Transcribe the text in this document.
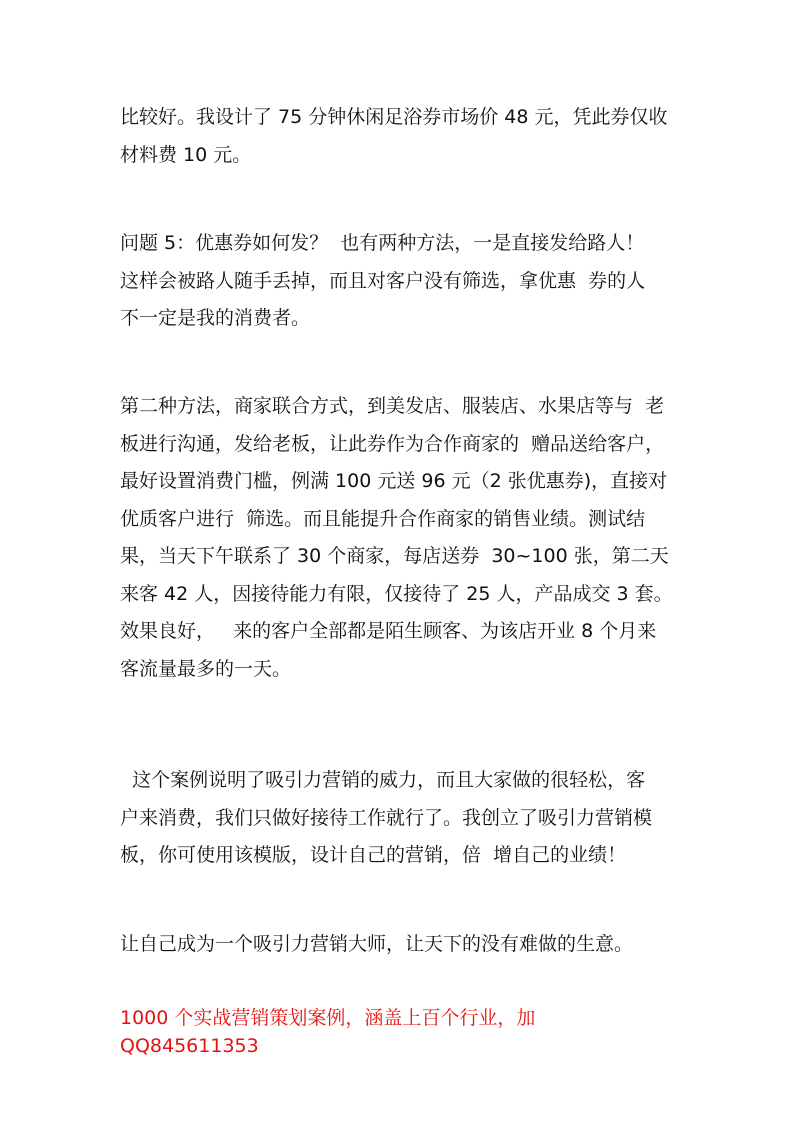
比较好。我设计了 75 分钟休闲足浴券市场价 48 元，凭此券仅收
材料费 10 元。
问题 5：优惠券如何发？  也有两种方法，一是直接发给路人！
这样会被路人随手丢掉，而且对客户没有筛选，拿优惠  券的人
不一定是我的消费者。
第二种方法，商家联合方式，到美发店、服装店、水果店等与  老
板进行沟通，发给老板，让此券作为合作商家的  赠品送给客户，
最好设置消费门槛，例满 100 元送 96 元（2 张优惠券)，直接对
优质客户进行  筛选。而且能提升合作商家的销售业绩。测试结
果，当天下午联系了 30 个商家，每店送券  30~100 张，第二天
来客 42 人，因接待能力有限，仅接待了 25 人，产品成交 3 套。
效果良好，   来的客户全部都是陌生顾客、为该店开业 8 个月来
客流量最多的一天。
这个案例说明了吸引力营销的威力，而且大家做的很轻松，客
户来消费，我们只做好接待工作就行了。我创立了吸引力营销模
板，你可使用该模版，设计自己的营销，倍  增自己的业绩！
让自己成为一个吸引力营销大师，让天下的没有难做的生意。
1000 个实战营销策划案例，涵盖上百个行业，加
QQ845611353
